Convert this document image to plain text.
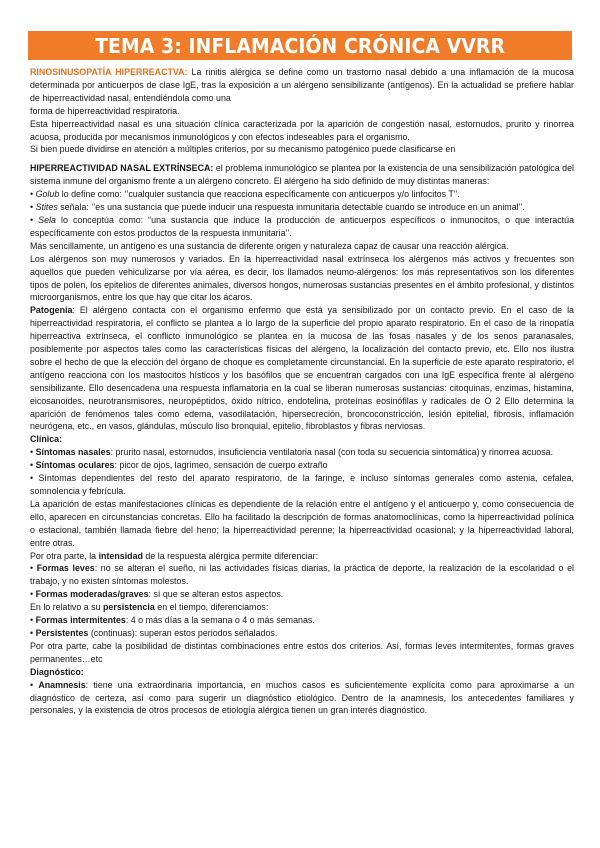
TEMA 3: INFLAMACIÓN CRÓNICA VVRR

RINOSINUSOPATÍA HIPERREACTVA: La rinitis alérgica se define como un trastorno nasal debido a una inflamación de la mucosa determinada por anticuerpos de clase IgE, tras la exposición a un alérgeno sensibilizante (antígenos). En la actualidad se prefiere hablar de hiperreactividad nasal, entendiéndola como una

forma de hiperreactividad respiratoria.

Esta hiperreactividad nasal es una situación clínica caracterizada por la aparición de congestión nasal, estornudos, prurito y rinorrea acuosa, producida por mecanismos inmunológicos y con efectos indeseables para el organismo.

Si bien puede dividirse en atención a múltiples criterios, por su mecanismo patogénico puede clasificarse en

HIPERREACTIVIDAD NASAL EXTRÍNSECA: el problema inmunológico se plantea por la existencia de una sensibilización patológica del sistema inmune del organismo frente a un alérgeno concreto. El alérgeno ha sido definido de muy distintas maneras:

• Golub lo define como: ‘’cualquier sustancia que reacciona específicamente con anticuerpos y/o linfocitos T’’.

• Stites señala: ‘’es una sustancia que puede inducir una respuesta inmunitaria detectable cuando se introduce en un animal’’.

• Sela lo conceptúa como: “una sustancia que induce la producción de anticuerpos específicos o inmunocitos, o que interactúa específicamente con estos productos de la respuesta inmunitaria’’.

Más sencillamente, un antígeno es una sustancia de diferente origen y naturaleza capaz de causar una reacción alérgica.

Los alérgenos son muy numerosos y variados. En la hiperreactividad nasal extrínseca los alérgenos más activos y frecuentes son aquellos que pueden vehiculizarse por vía aérea, es decir, los llamados neumo-alérgenos: los más representativos son los diferentes tipos de polen, los epitelios de diferentes animales, diversos hongos, numerosas sustancias presentes en el ámbito profesional, y distintos microorganismos, entre los que hay que citar los ácaros.

Patogenia: El alérgeno contacta con el organismo enfermo que está ya sensibilizado por un contacto previo. En el caso de la hiperreactividad respiratoria, el conflicto se plantea a lo largo de la superficie del propio aparato respiratorio. En el caso de la rinopatía hiperreactiva extrínseca, el conflicto inmunológico se plantea en la mucosa de las fosas nasales y de los senos paranasales, posiblemente por aspectos tales como las características físicas del alérgeno, la localización del contacto previo, etc. Ello nos ilustra sobre el hecho de que la elección del órgano de choque es completamente circunstancial. En la superficie de este aparato respiratorio, el antígeno reacciona con los mastocitos hísticos y los basófilos que se encuentran cargados con una IgE específica frente al alérgeno sensibilizante. Ello desencadena una respuesta inflamatoria en la cual se liberan numerosas sustancias: citoquinas, enzimas, histamina, eicosanoides, neurotransmisores, neuropéptidos, óxido nítrico, endotelina, proteínas eosinófilas y radicales de O 2 Ello determina la aparición de fenómenos tales como edema, vasodilatación, hipersecreción, broncoconstricción, lesión epitelial, fibrosis, inflamación neurógena, etc., en vasos, glándulas, músculo liso bronquial, epitelio, fibroblastos y fibras nerviosas.

Clínica:

• Síntomas nasales: prurito nasal, estornudos, insuficiencia ventilatoria nasal (con toda su secuencia sintomática) y rinorrea acuosa.

• Síntomas oculares: picor de ojos, lagrimeo, sensación de cuerpo extraño

• Síntomas dependientes del resto del aparato respiratorio, de la faringe, e incluso síntomas generales como astenia, cefalea, somnolencia y febrícula.

La aparición de estas manifestaciones clínicas es dependiente de la relación entre el antígeno y el anticuerpo y, como consecuencia de ello, aparecen en circunstancias concretas. Ello ha facilitado la descripción de formas anatomoclínicas, como la hiperreactividad polínica o estacional, también llamada fiebre del heno; la hiperreactividad perenne; la hiperreactividad ocasional; y la hiperreactividad laboral, entre otras.

Por otra parte, la intensidad de la respuesta alérgica permite diferenciar:

• Formas leves: no se alteran el sueño, ni las actividades físicas diarias, la práctica de deporte, la realización de la escolaridad o el trabajo, y no existen síntomas molestos.

• Formas moderadas/graves: sí que se alteran estos aspectos.

En lo relativo a su persistencia en el tiempo, diferenciamos:

• Formas intermitentes: 4 o más días a la semana o 4 o más semanas.

• Persistentes (continuas): superan estos periodos señalados.

Por otra parte, cabe la posibilidad de distintas combinaciones entre estos dos criterios. Así, formas leves intermitentes, formas graves permanentes…etc

Diagnóstico:

• Anamnesis: tiene una extraordinaria importancia, en muchos casos es suficientemente explícita como para aproximarse a un diagnóstico de certeza, así como para sugerir un diagnóstico etiológico. Dentro de la anamnesis, los antecedentes familiares y personales, y la existencia de otros procesos de etiología alérgica tienen un gran interés diagnóstico.
